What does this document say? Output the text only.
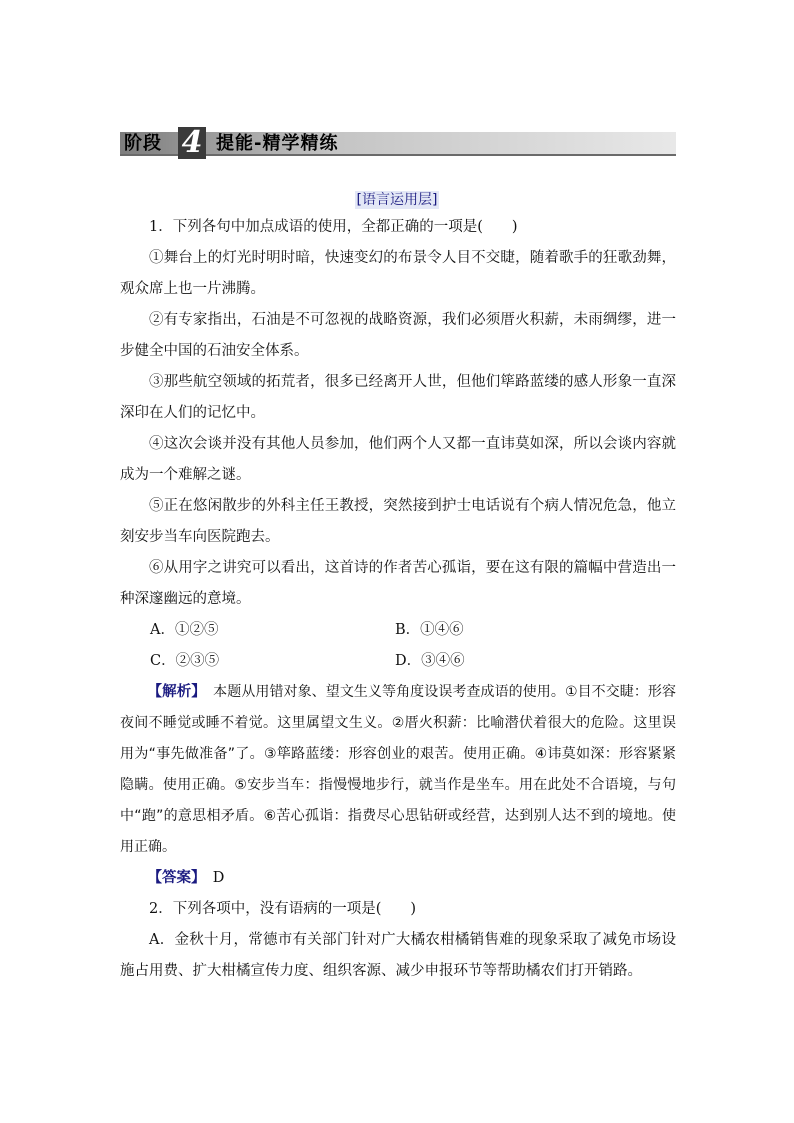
阶段 4 提能-精学精练
[语言运用层]

1．下列各句中加点成语的使用，全都正确的一项是(　　)

①舞台上的灯光时明时暗，快速变幻的布景令人目不交睫，随着歌手的狂歌劲舞，观众席上也一片沸腾。

②有专家指出，石油是不可忽视的战略资源，我们必须厝火积薪，未雨绸缪，进一步健全中国的石油安全体系。

③那些航空领域的拓荒者，很多已经离开人世，但他们筚路蓝缕的感人形象一直深深印在人们的记忆中。

④这次会谈并没有其他人员参加，他们两个人又都一直讳莫如深，所以会谈内容就成为一个难解之谜。

⑤正在悠闲散步的外科主任王教授，突然接到护士电话说有个病人情况危急，他立刻安步当车向医院跑去。

⑥从用字之讲究可以看出，这首诗的作者苦心孤诣，要在这有限的篇幅中营造出一种深邃幽远的意境。

A．①②⑤	B．①④⑥
C．②③⑤	D．③④⑥

【解析】　 本题从用错对象、望文生义等角度设误考查成语的使用。①目不交睫：形容夜间不睡觉或睡不着觉。这里属望文生义。②厝火积薪：比喻潜伏着很大的危险。这里误用为“事先做准备”了。③筚路蓝缕：形容创业的艰苦。使用正确。④讳莫如深：形容紧紧隐瞒。使用正确。⑤安步当车：指慢慢地步行，就当作是坐车。用在此处不合语境，与句中“跑”的意思相矛盾。⑥苦心孤诣：指费尽心思钻研或经营，达到别人达不到的境地。使用正确。

【答案】　 D

2．下列各项中，没有语病的一项是(　　)

A．金秋十月，常德市有关部门针对广大橘农柑橘销售难的现象采取了减免市场设施占用费、扩大柑橘宣传力度、组织客源、减少申报环节等帮助橘农们打开销路。
